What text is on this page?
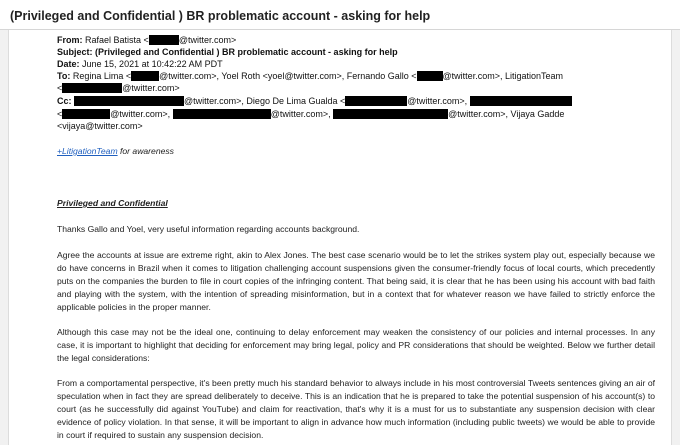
(Privileged and Confidential ) BR problematic account - asking for help
From: Rafael Batista <	@twitter.com>
Subject: (Privileged and Confidential ) BR problematic account - asking for help
Date: June 15, 2021 at 10:42:22 AM PDT
To: Regina Lima <	@twitter.com>, Yoel Roth <yoel@twitter.com>, Fernando Gallo <	@twitter.com>, LitigationTeam
<	@twitter.com>
Cc:	@twitter.com>, Diego De Lima Gualda <	@twitter.com>,
<	@twitter.com>,	@twitter.com>,	@twitter.com>, Vijaya Gadde
<vijaya@twitter.com>
+LitigationTeam for awareness
Privileged and Confidential
Thanks Gallo and Yoel, very useful information regarding accounts background.
Agree the accounts at issue are extreme right, akin to Alex Jones. The best case scenario would be to let the strikes system play out, especially because we do have concerns in Brazil when it comes to litigation challenging account suspensions given the consumer-friendly focus of local courts, which precedently puts on the companies the burden to file in court copies of the infringing content. That being said, it is clear that he has been using his account with bad faith and playing with the system, with the intention of spreading misinformation, but in a context that for whatever reason we have failed to strictly enforce the applicable policies in the proper manner.
Although this case may not be the ideal one, continuing to delay enforcement may weaken the consistency of our policies and internal processes. In any case, it is important to highlight that deciding for enforcement may bring legal, policy and PR considerations that should be weighted. Below we further detail the legal considerations:
From a comportamental perspective, it's been pretty much his standard behavior to always include in his most controversial Tweets sentences giving an air of speculation when in fact they are spread deliberately to deceive. This is an indication that he is prepared to take the potential suspension of his account(s) to court (as he successfully did against YouTube) and claim for reactivation, that's why it is a must for us to substantiate any suspension decision with clear evidence of policy violation. In that sense, it will be important to align in advance how much information (including public tweets) we would be able to provide in court if required to sustain any suspension decision.
